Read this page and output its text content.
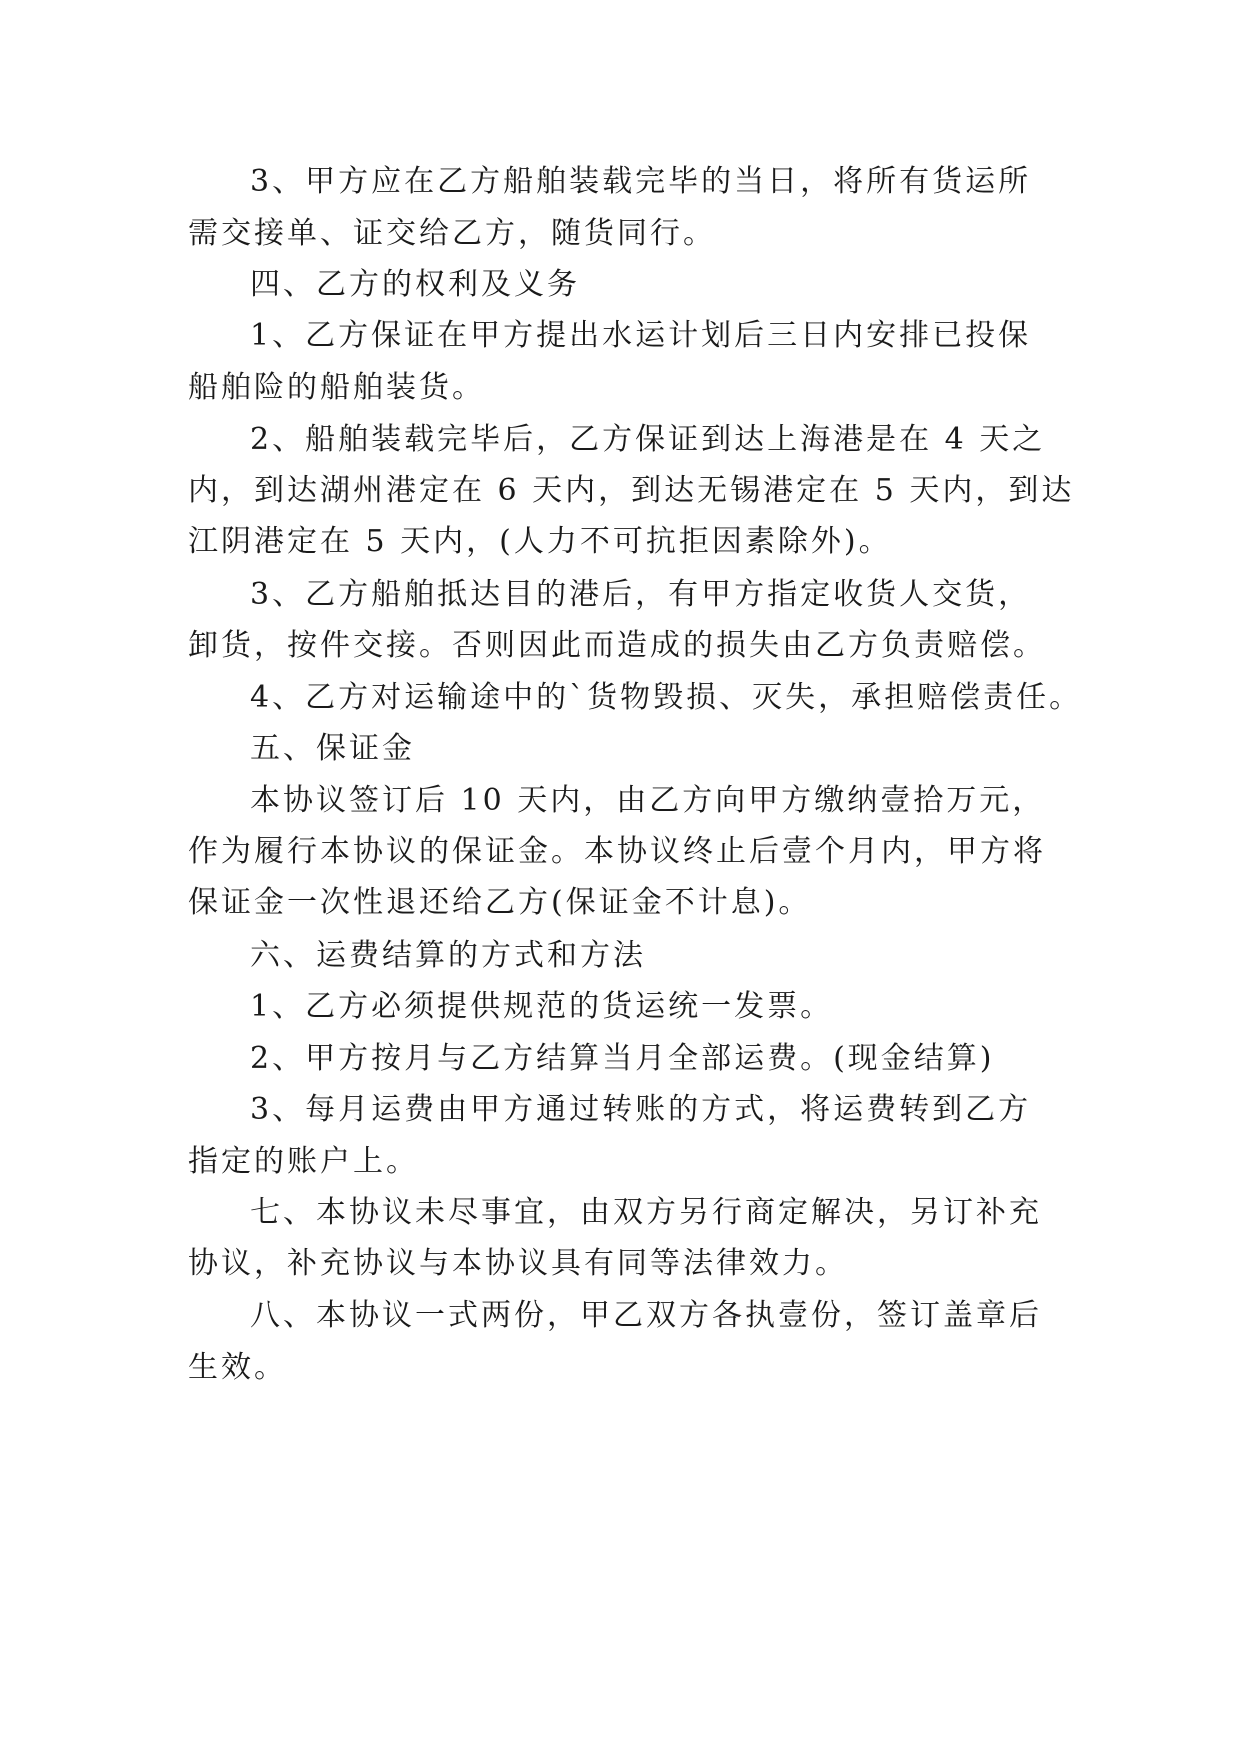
3、甲方应在乙方船舶装载完毕的当日，将所有货运所
需交接单、证交给乙方，随货同行。
四、乙方的权利及义务
1、乙方保证在甲方提出水运计划后三日内安排已投保
船舶险的船舶装货。
2、船舶装载完毕后，乙方保证到达上海港是在 4 天之
内，到达湖州港定在 6 天内，到达无锡港定在 5 天内，到达
江阴港定在 5 天内，(人力不可抗拒因素除外)。
3、乙方船舶抵达目的港后，有甲方指定收货人交货，
卸货，按件交接。否则因此而造成的损失由乙方负责赔偿。
4、乙方对运输途中的`货物毁损、灭失，承担赔偿责任。
五、保证金
本协议签订后 10 天内，由乙方向甲方缴纳壹拾万元，
作为履行本协议的保证金。本协议终止后壹个月内，甲方将
保证金一次性退还给乙方(保证金不计息)。
六、运费结算的方式和方法
1、乙方必须提供规范的货运统一发票。
2、甲方按月与乙方结算当月全部运费。(现金结算)
3、每月运费由甲方通过转账的方式，将运费转到乙方
指定的账户上。
七、本协议未尽事宜，由双方另行商定解决，另订补充
协议，补充协议与本协议具有同等法律效力。
八、本协议一式两份，甲乙双方各执壹份，签订盖章后
生效。
